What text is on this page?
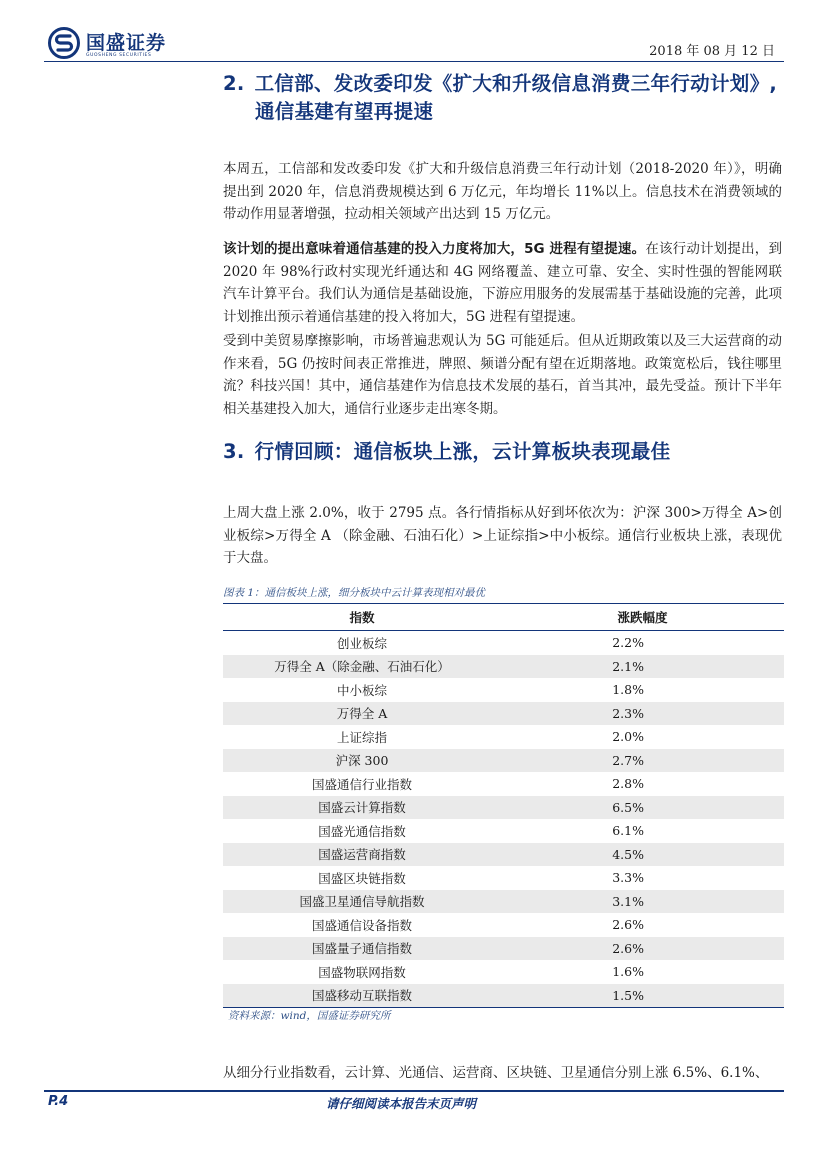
国盛证券
GUOSHENG SECURITIES	2018 年 08 月 12 日
2. 工信部、发改委印发《扩大和升级信息消费三年行动计划》,
通信基建有望再提速

本周五，工信部和发改委印发《扩大和升级信息消费三年行动计划（2018-2020 年）》，明确提出到 2020 年，信息消费规模达到 6 万亿元，年均增长 11%以上。信息技术在消费领域的带动作用显著增强，拉动相关领域产出达到 15 万亿元。

该计划的提出意味着通信基建的投入力度将加大，5G 进程有望提速。在该行动计划提出，到 2020 年 98%行政村实现光纤通达和 4G 网络覆盖、建立可靠、安全、实时性强的智能网联汽车计算平台。我们认为通信是基础设施，下游应用服务的发展需基于基础设施的完善，此项计划推出预示着通信基建的投入将加大，5G 进程有望提速。

受到中美贸易摩擦影响，市场普遍悲观认为 5G 可能延后。但从近期政策以及三大运营商的动作来看，5G 仍按时间表正常推进，牌照、频谱分配有望在近期落地。政策宽松后，钱往哪里流？科技兴国！其中，通信基建作为信息技术发展的基石，首当其冲，最先受益。预计下半年相关基建投入加大，通信行业逐步走出寒冬期。

3. 行情回顾：通信板块上涨，云计算板块表现最佳

上周大盘上涨 2.0%，收于 2795 点。各行情指标从好到坏依次为：沪深 300>万得全 A>创业板综>万得全 A （除金融、石油石化）>上证综指>中小板综。通信行业板块上涨，表现优于大盘。

图表 1：通信板块上涨，细分板块中云计算表现相对最优
指数	涨跌幅度
创业板综	2.2%
万得全 A（除金融、石油石化）	2.1%
中小板综	1.8%
万得全 A	2.3%
上证综指	2.0%
沪深 300	2.7%
国盛通信行业指数	2.8%
国盛云计算指数	6.5%
国盛光通信指数	6.1%
国盛运营商指数	4.5%
国盛区块链指数	3.3%
国盛卫星通信导航指数	3.1%
国盛通信设备指数	2.6%
国盛量子通信指数	2.6%
国盛物联网指数	1.6%
国盛移动互联指数	1.5%
资料来源：wind，国盛证券研究所

从细分行业指数看，云计算、光通信、运营商、区块链、卫星通信分别上涨 6.5%、6.1%、

P.4	请仔细阅读本报告末页声明
